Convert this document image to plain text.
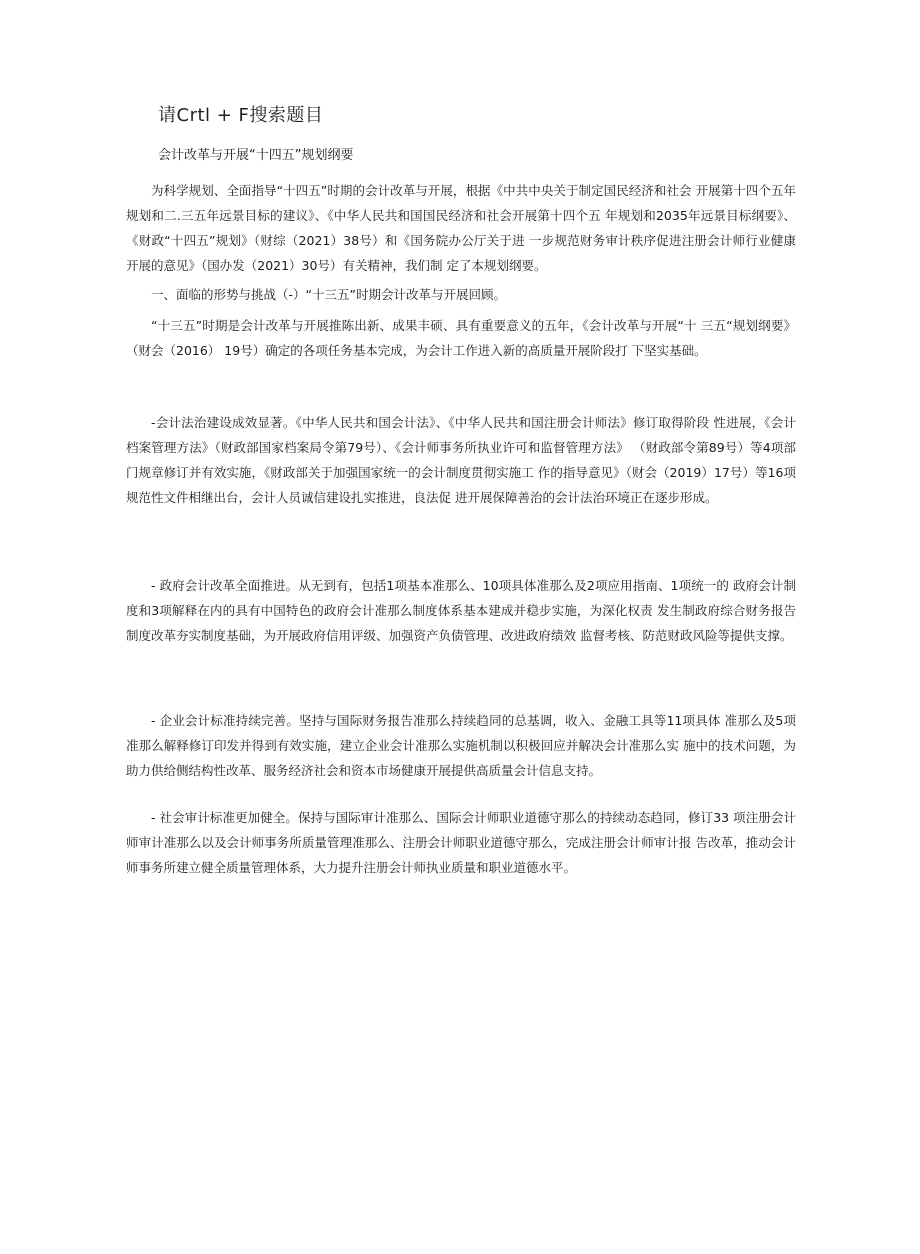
请Crtl + F搜索题目
会计改革与开展“十四五”规划纲要

为科学规划、全面指导“十四五”时期的会计改革与开展，根据《中共中央关于制定国民经济和社会 开展第十四个五年规划和二.三五年远景目标的建议》、《中华人民共和国国民经济和社会开展第十四个五 年规划和2035年远景目标纲要》、《财政“十四五”规划》（财综（2021）38号）和《国务院办公厅关于进 一步规范财务审计秩序促进注册会计师行业健康开展的意见》（国办发（2021）30号）有关精神，我们制 定了本规划纲要。

一、面临的形势与挑战（-）“十三五”时期会计改革与开展回顾。

“十三五”时期是会计改革与开展推陈出新、成果丰硕、具有重要意义的五年，《会计改革与开展“十 三五“规划纲要》（财会（2016） 19号）确定的各项任务基本完成，为会计工作进入新的高质量开展阶段打 下坚实基础。

-会计法治建设成效显著。《中华人民共和国会计法》、《中华人民共和国注册会计师法》修订取得阶段 性进展，《会计档案管理方法》（财政部国家档案局令第79号）、《会计师事务所执业许可和监督管理方法》 （财政部令第89号）等4项部门规章修订并有效实施，《财政部关于加强国家统一的会计制度贯彻实施工 作的指导意见》（财会（2019）17号）等16项规范性文件相继出台，会计人员诚信建设扎实推进，良法促 进开展保障善治的会计法治环境正在逐步形成。

- 政府会计改革全面推进。从无到有，包括1项基本准那么、10项具体准那么及2项应用指南、1项统一的 政府会计制度和3项解释在内的具有中国特色的政府会计准那么制度体系基本建成并稳步实施，为深化权责 发生制政府综合财务报告制度改革夯实制度基础，为开展政府信用评级、加强资产负债管理、改进政府绩效 监督考核、防范财政风险等提供支撑。

- 企业会计标准持续完善。坚持与国际财务报告准那么持续趋同的总基调，收入、金融工具等11项具体 准那么及5项准那么解释修订印发并得到有效实施，建立企业会计准那么实施机制以积极回应并解决会计准那么实 施中的技术问题，为助力供给侧结构性改革、服务经济社会和资本市场健康开展提供高质量会计信息支持。

- 社会审计标准更加健全。保持与国际审计准那么、国际会计师职业道德守那么的持续动态趋同，修订33 项注册会计师审计准那么以及会计师事务所质量管理准那么、注册会计师职业道德守那么，完成注册会计师审计报 告改革，推动会计师事务所建立健全质量管理体系，大力提升注册会计师执业质量和职业道德水平。
